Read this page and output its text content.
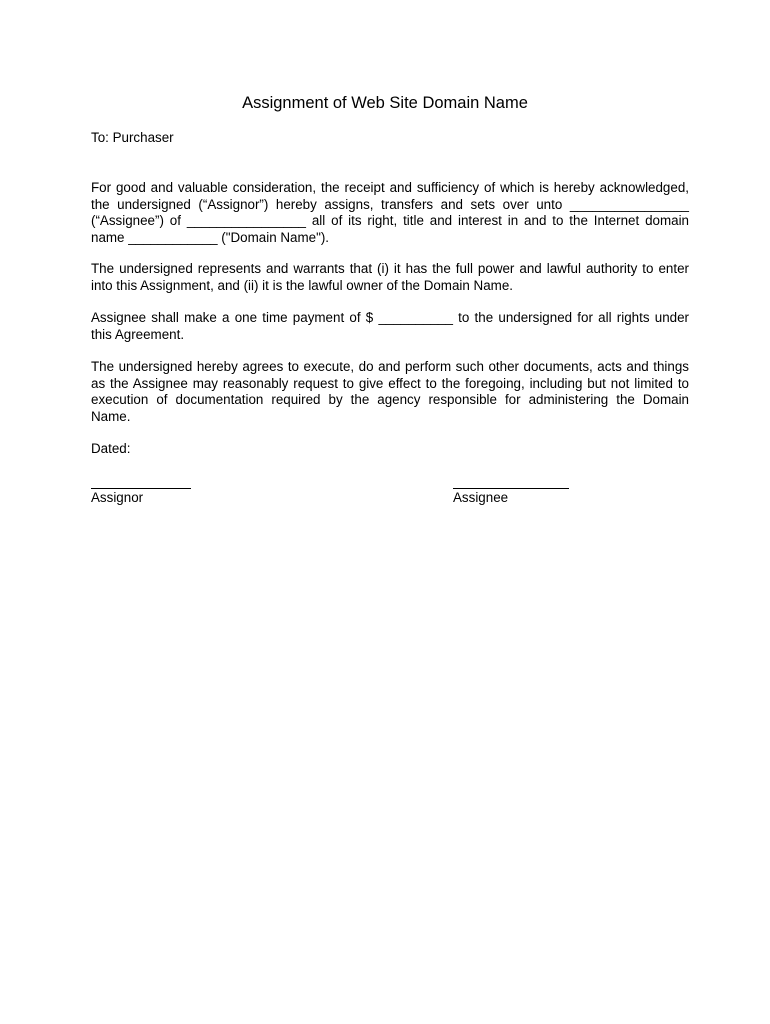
Assignment of Web Site Domain Name
To: Purchaser
For good and valuable consideration, the receipt and sufficiency of which is hereby acknowledged,
the undersigned (“Assignor”) hereby assigns, transfers and sets over unto ________________
(“Assignee”) of ________________ all of its right, title and interest in and to the Internet domain
name ____________ ("Domain Name").
The undersigned represents and warrants that (i) it has the full power and lawful authority to enter
into this Assignment, and (ii) it is the lawful owner of the Domain Name.
Assignee shall make a one time payment of $ __________ to the undersigned for all rights under
this Agreement.
The undersigned hereby agrees to execute, do and perform such other documents, acts and things
as the Assignee may reasonably request to give effect to the foregoing, including but not limited to
execution of documentation required by the agency responsible for administering the Domain
Name.
Dated:
Assignor	Assignee
